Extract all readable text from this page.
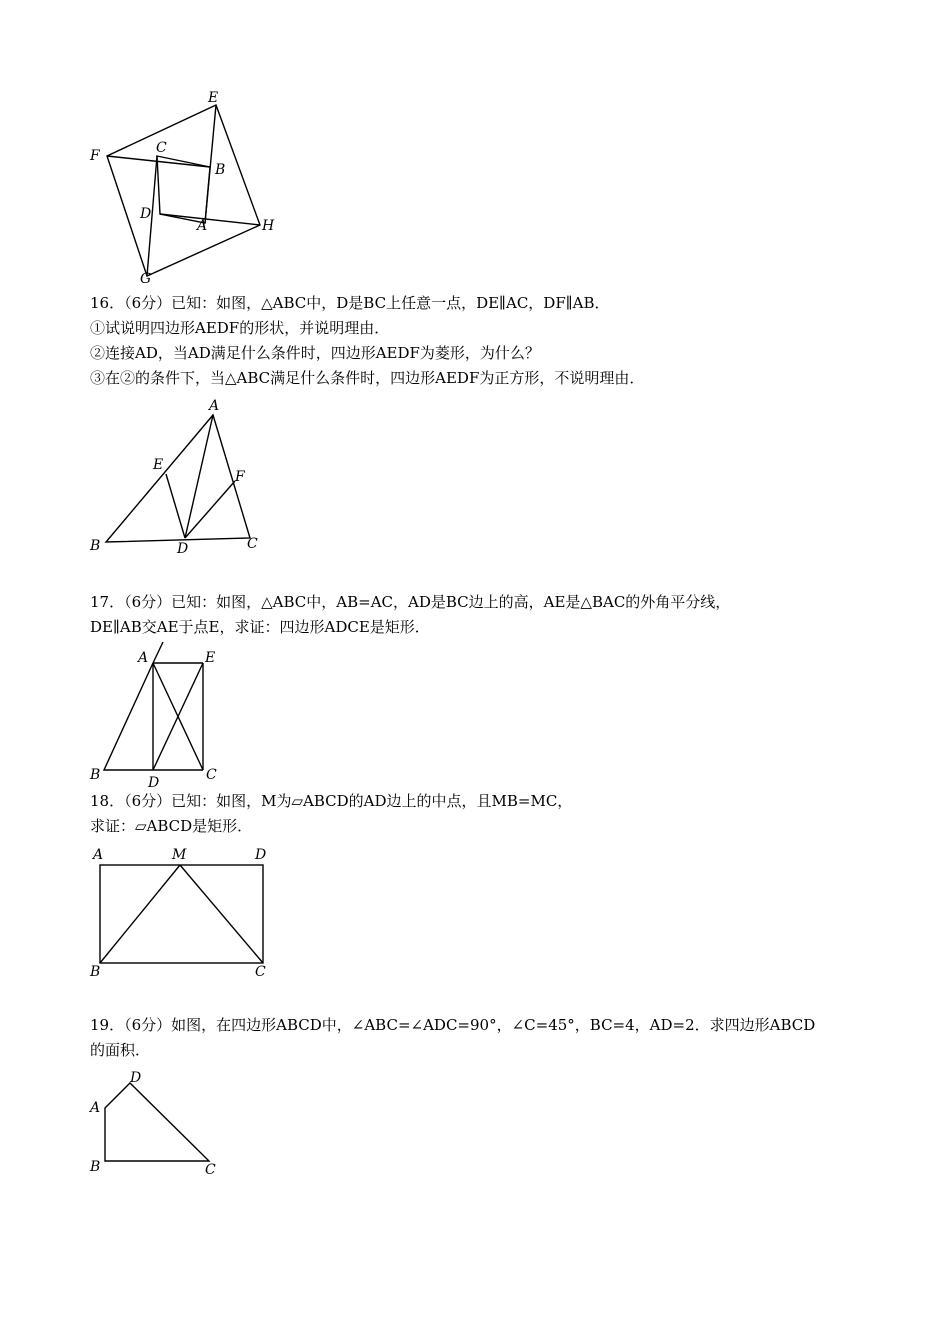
E
F	C
B
D
A	H
G

16．（6分）已知：如图，△ABC中，D是BC上任意一点，DE∥AC，DF∥AB．

①试说明四边形AEDF的形状，并说明理由．

②连接AD，当AD满足什么条件时，四边形AEDF为菱形，为什么？

③在②的条件下，当△ABC满足什么条件时，四边形AEDF为正方形，不说明理由．

A
E
F
B	D	C

17．（6分）已知：如图，△ABC中，AB=AC，AD是BC边上的高，AE是△BAC的外角平分线，

DE∥AB交AE于点E，求证：四边形ADCE是矩形．

A	E
B	D	C

18．（6分）已知：如图，M为▱ABCD的AD边上的中点，且MB=MC，

求证：▱ABCD是矩形．

A	M	D
B	C

19．（6分）如图，在四边形ABCD中，∠ABC=∠ADC=90°，∠C=45°，BC=4，AD=2．求四边形ABCD

的面积．

D
A
B	C
